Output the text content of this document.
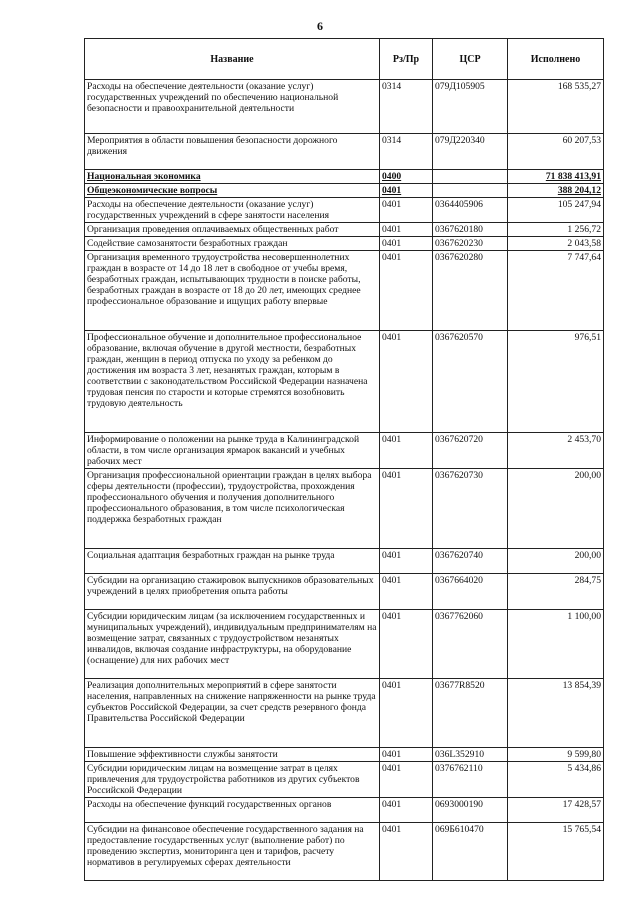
6
Название	Рз/Пр	ЦСР	Исполнено
Расходы на обеспечение деятельности (оказание услуг) государственных учреждений по обеспечению национальной безопасности и правоохранительной деятельности	0314	079Д105905	168 535,27
Мероприятия в области повышения безопасности дорожного движения	0314	079Д220340	60 207,53
Национальная экономика	0400		71 838 413,91
Общеэкономические вопросы	0401		388 204,12
Расходы на обеспечение деятельности (оказание услуг) государственных учреждений в сфере занятости населения	0401	0364405906	105 247,94
Организация проведения оплачиваемых общественных работ	0401	0367620180	1 256,72
Содействие самозанятости безработных граждан	0401	0367620230	2 043,58
Организация временного трудоустройства несовершеннолетних граждан в возрасте от 14 до 18 лет в свободное от учебы время, безработных граждан, испытывающих трудности в поиске работы, безработных граждан в возрасте от 18 до 20 лет, имеющих среднее профессиональное образование и ищущих работу впервые	0401	0367620280	7 747,64
Профессиональное обучение и дополнительное профессиональное образование, включая обучение в другой местности, безработных граждан, женщин в период отпуска по уходу за ребенком до достижения им возраста 3 лет, незанятых граждан, которым в соответствии с законодательством Российской Федерации назначена трудовая пенсия по старости и которые стремятся возобновить трудовую деятельность	0401	0367620570	976,51
Информирование о положении на рынке труда в Калининградской области, в том числе организация ярмарок вакансий и учебных рабочих мест	0401	0367620720	2 453,70
Организация профессиональной ориентации граждан в целях выбора сферы деятельности (профессии), трудоустройства, прохождения профессионального обучения и получения дополнительного профессионального образования, в том числе психологическая поддержка безработных граждан	0401	0367620730	200,00
Социальная адаптация безработных граждан на рынке труда	0401	0367620740	200,00
Субсидии на организацию стажировок выпускников образовательных учреждений в целях приобретения опыта работы	0401	0367664020	284,75
Субсидии юридическим лицам (за исключением государственных и муниципальных учреждений), индивидуальным предпринимателям на возмещение затрат, связанных с трудоустройством незанятых инвалидов, включая создание инфраструктуры, на оборудование (оснащение) для них рабочих мест	0401	0367762060	1 100,00
Реализация дополнительных мероприятий в сфере занятости населения, направленных на снижение напряженности на рынке труда субъектов Российской Федерации, за счет средств резервного фонда Правительства Российской Федерации	0401	03677R8520	13 854,39
Повышение эффективности службы занятости	0401	036L352910	9 599,80
Субсидии юридическим лицам на возмещение затрат в целях привлечения для трудоустройства работников из других субъектов Российской Федерации	0401	0376762110	5 434,86
Расходы на обеспечение функций государственных органов	0401	0693000190	17 428,57
Субсидии на финансовое обеспечение государственного задания на предоставление государственных услуг (выполнение работ) по проведению экспертиз, мониторинга цен и тарифов, расчету нормативов в регулируемых сферах деятельности	0401	069Б610470	15 765,54
